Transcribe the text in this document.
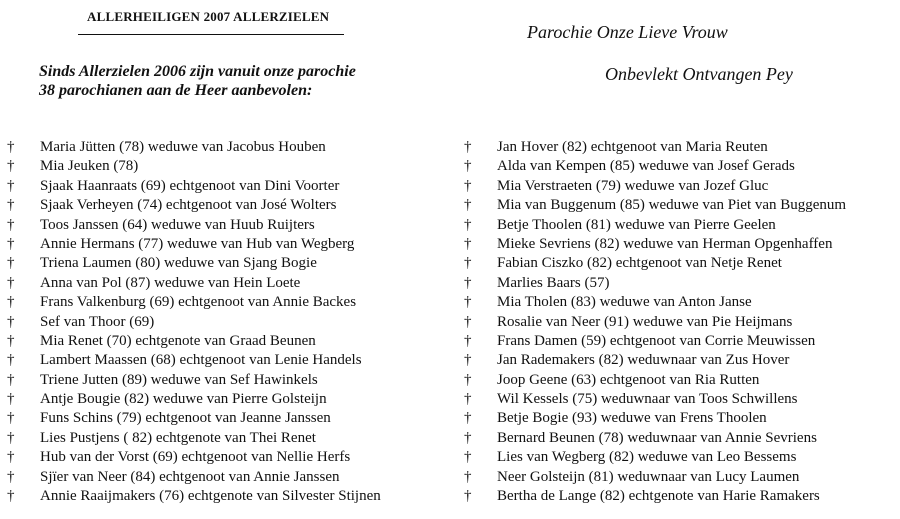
ALLERHEILIGEN 2007 ALLERZIELEN
Parochie Onze Lieve Vrouw
Onbevlekt Ontvangen Pey
Sinds Allerzielen 2006 zijn vanuit onze parochie
38 parochianen aan de Heer aanbevolen:
†	Maria Jütten (78) weduwe van Jacobus Houben
†	Mia Jeuken (78)
†	Sjaak Haanraats (69) echtgenoot van Dini Voorter
†	Sjaak Verheyen (74) echtgenoot van José Wolters
†	Toos Janssen (64) weduwe van Huub Ruijters
†	Annie Hermans (77) weduwe van Hub van Wegberg
†	Triena Laumen (80) weduwe van Sjang Bogie
†	Anna van Pol (87) weduwe van Hein Loete
†	Frans Valkenburg (69) echtgenoot van Annie Backes
†	Sef van Thoor (69)
†	Mia Renet (70) echtgenote van Graad Beunen
†	Lambert Maassen (68) echtgenoot van Lenie Handels
†	Triene Jutten (89) weduwe van Sef Hawinkels
†	Antje Bougie (82) weduwe van Pierre Golsteijn
†	Funs Schins (79) echtgenoot van Jeanne Janssen
†	Lies Pustjens ( 82) echtgenote van Thei Renet
†	Hub van der Vorst (69) echtgenoot van Nellie Herfs
†	Sjïer van Neer (84) echtgenoot van Annie Janssen
†	Annie Raaijmakers (76) echtgenote van Silvester Stijnen
†	Jan Hover (82) echtgenoot van Maria Reuten
†	Alda van Kempen (85) weduwe van Josef Gerads
†	Mia Verstraeten (79) weduwe van Jozef Gluc
†	Mia van Buggenum (85) weduwe van Piet van Buggenum
†	Betje Thoolen (81) weduwe van Pierre Geelen
†	Mieke Sevriens (82) weduwe van Herman Opgenhaffen
†	Fabian Ciszko (82) echtgenoot van Netje Renet
†	Marlies Baars (57)
†	Mia Tholen (83) weduwe van Anton Janse
†	Rosalie van Neer (91) weduwe van Pie Heijmans
†	Frans Damen (59) echtgenoot van Corrie Meuwissen
†	Jan Rademakers (82) weduwnaar van Zus Hover
†	Joop Geene (63) echtgenoot van Ria Rutten
†	Wil Kessels (75) weduwnaar van Toos Schwillens
†	Betje Bogie (93) weduwe van Frens Thoolen
†	Bernard Beunen (78) weduwnaar van Annie Sevriens
†	Lies van Wegberg (82) weduwe van Leo Bessems
†	Neer Golsteijn (81) weduwnaar van Lucy Laumen
†	Bertha de Lange (82) echtgenote van Harie Ramakers
